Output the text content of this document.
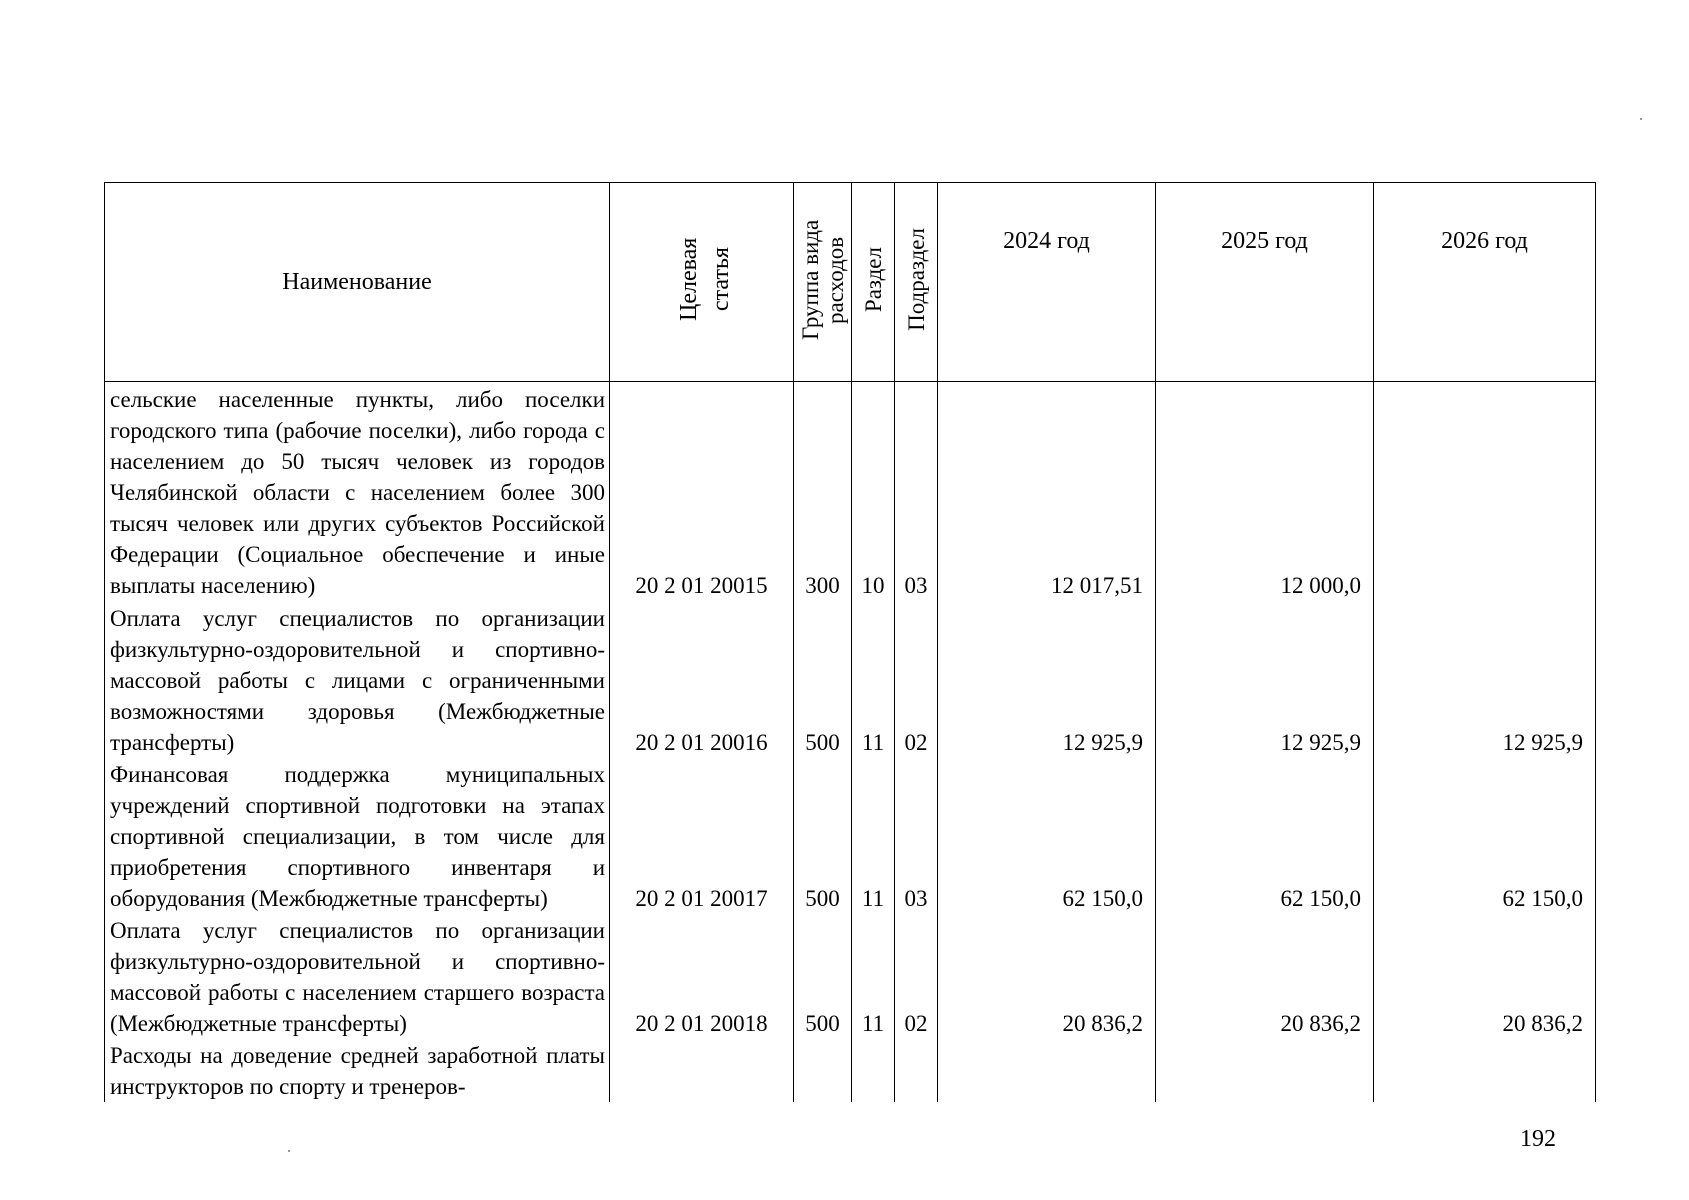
Наименование	Целевая статья	Группа вида расходов	Раздел	Подраздел	2024 год	2025 год	2026 год
сельские населенные пункты, либо поселки городского типа (рабочие поселки), либо города с населением до 50 тысяч человек из городов Челябинской области с населением более 300 тысяч человек или других субъектов Российской Федерации (Социальное обеспечение и иные выплаты населению)	20 2 01 20015	300	10	03	12 017,51	12 000,0	
Оплата услуг специалистов по организации физкультурно-оздоровительной и спортивно-массовой работы с лицами с ограниченными возможностями здоровья (Межбюджетные трансферты)	20 2 01 20016	500	11	02	12 925,9	12 925,9	12 925,9
Финансовая поддержка муниципальных учреждений спортивной подготовки на этапах спортивной специализации, в том числе для приобретения спортивного инвентаря и оборудования (Межбюджетные трансферты)	20 2 01 20017	500	11	03	62 150,0	62 150,0	62 150,0
Оплата услуг специалистов по организации физкультурно-оздоровительной и спортивно-массовой работы с населением старшего возраста (Межбюджетные трансферты)	20 2 01 20018	500	11	02	20 836,2	20 836,2	20 836,2
Расходы на доведение средней заработной платы инструкторов по спорту и тренеров-							
192
